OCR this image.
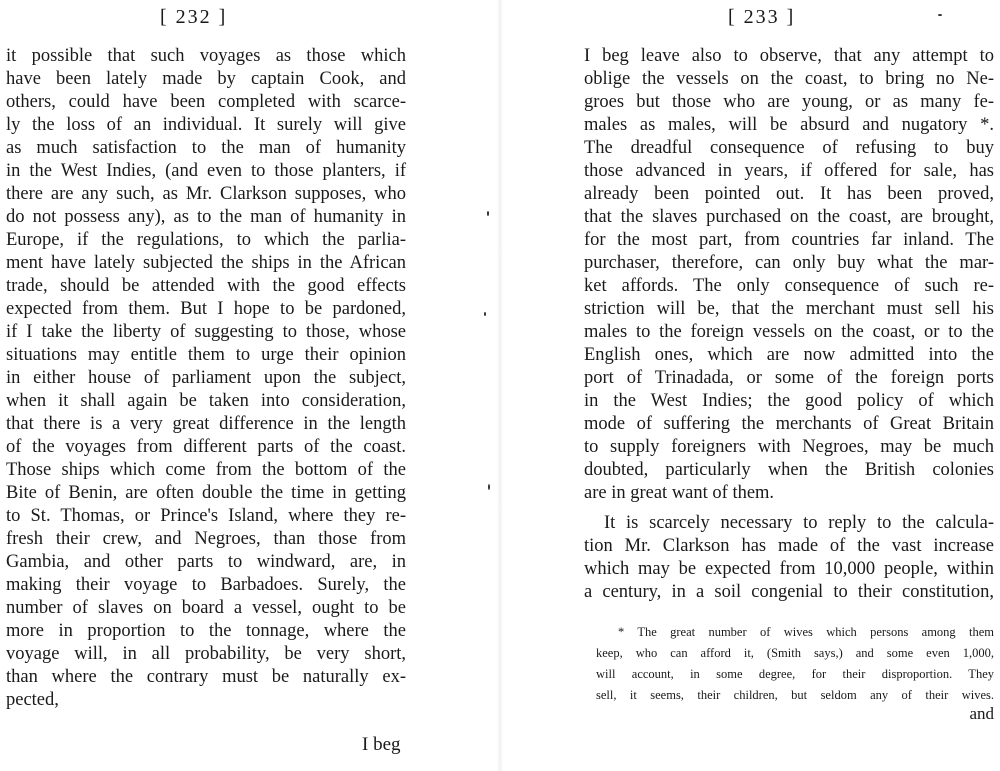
[ 232 ]
it possible that such voyages as those which
have been lately made by captain Cook, and
others, could have been completed with scarce-
ly the loss of an individual. It surely will give
as much satisfaction to the man of humanity
in the West Indies, (and even to those planters, if
there are any such, as Mr. Clarkson supposes, who
do not possess any), as to the man of humanity in
Europe, if the regulations, to which the parlia-
ment have lately subjected the ships in the African
trade, should be attended with the good effects
expected from them. But I hope to be pardoned,
if I take the liberty of suggesting to those, whose
situations may entitle them to urge their opinion
in either house of parliament upon the subject,
when it shall again be taken into consideration,
that there is a very great difference in the length
of the voyages from different parts of the coast.
Those ships which come from the bottom of the
Bite of Benin, are often double the time in getting
to St. Thomas, or Prince's Island, where they re-
fresh their crew, and Negroes, than those from
Gambia, and other parts to windward, are, in
making their voyage to Barbadoes. Surely, the
number of slaves on board a vessel, ought to be
more in proportion to the tonnage, where the
voyage will, in all probability, be very short,
than where the contrary must be naturally ex-
pected,
I beg
[ 233 ]
I beg leave also to observe, that any attempt to
oblige the vessels on the coast, to bring no Ne-
groes but those who are young, or as many fe-
males as males, will be absurd and nugatory *.
The dreadful consequence of refusing to buy
those advanced in years, if offered for sale, has
already been pointed out. It has been proved,
that the slaves purchased on the coast, are brought,
for the most part, from countries far inland. The
purchaser, therefore, can only buy what the mar-
ket affords. The only consequence of such re-
striction will be, that the merchant must sell his
males to the foreign vessels on the coast, or to the
English ones, which are now admitted into the
port of Trinadada, or some of the foreign ports
in the West Indies; the good policy of which
mode of suffering the merchants of Great Britain
to supply foreigners with Negroes, may be much
doubted, particularly when the British colonies
are in great want of them.
It is scarcely necessary to reply to the calcula-
tion Mr. Clarkson has made of the vast increase
which may be expected from 10,000 people, within
a century, in a soil congenial to their constitution,
* The great number of wives which persons among them
keep, who can afford it, (Smith says,) and some even 1,000,
will account, in some degree, for their disproportion. They
sell, it seems, their children, but seldom any of their wives.
and
